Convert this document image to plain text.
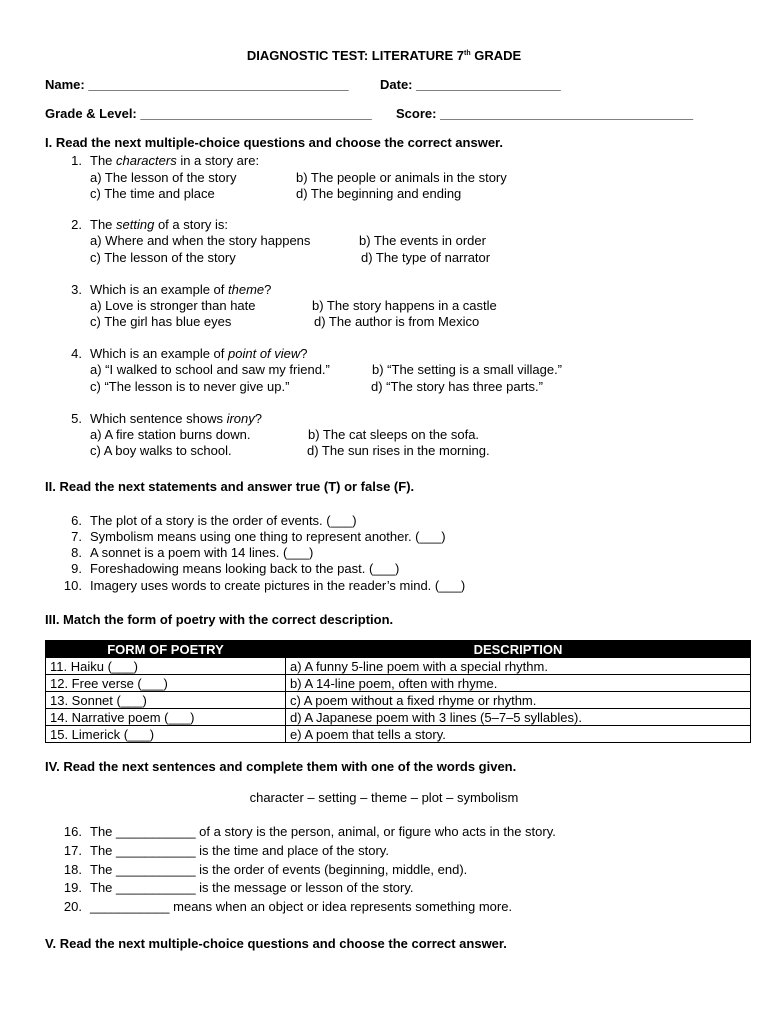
DIAGNOSTIC TEST: LITERATURE 7th GRADE
Name: ____________________________________ Date: ____________________
Grade & Level: ________________________________ Score: ___________________________________
I. Read the next multiple-choice questions and choose the correct answer.
1. The characters in a story are:
a) The lesson of the story	b) The people or animals in the story
c) The time and place	d) The beginning and ending
2. The setting of a story is:
a) Where and when the story happens	b) The events in order
c) The lesson of the story	d) The type of narrator
3. Which is an example of theme?
a) Love is stronger than hate	b) The story happens in a castle
c) The girl has blue eyes	d) The author is from Mexico
4. Which is an example of point of view?
a) “I walked to school and saw my friend.”	b) “The setting is a small village.”
c) “The lesson is to never give up.”	d) “The story has three parts.”
5. Which sentence shows irony?
a) A fire station burns down.	b) The cat sleeps on the sofa.
c) A boy walks to school.	d) The sun rises in the morning.
II. Read the next statements and answer true (T) or false (F).
6. The plot of a story is the order of events. (___)
7. Symbolism means using one thing to represent another. (___)
8. A sonnet is a poem with 14 lines. (___)
9. Foreshadowing means looking back to the past. (___)
10. Imagery uses words to create pictures in the reader’s mind. (___)
III. Match the form of poetry with the correct description.
FORM OF POETRY	DESCRIPTION
11. Haiku (___)	a) A funny 5-line poem with a special rhythm.
12. Free verse (___)	b) A 14-line poem, often with rhyme.
13. Sonnet (___)	c) A poem without a fixed rhyme or rhythm.
14. Narrative poem (___)	d) A Japanese poem with 3 lines (5–7–5 syllables).
15. Limerick (___)	e) A poem that tells a story.
IV. Read the next sentences and complete them with one of the words given.
character – setting – theme – plot – symbolism
16. The ___________ of a story is the person, animal, or figure who acts in the story.
17. The ___________ is the time and place of the story.
18. The ___________ is the order of events (beginning, middle, end).
19. The ___________ is the message or lesson of the story.
20. ___________ means when an object or idea represents something more.
V. Read the next multiple-choice questions and choose the correct answer.
